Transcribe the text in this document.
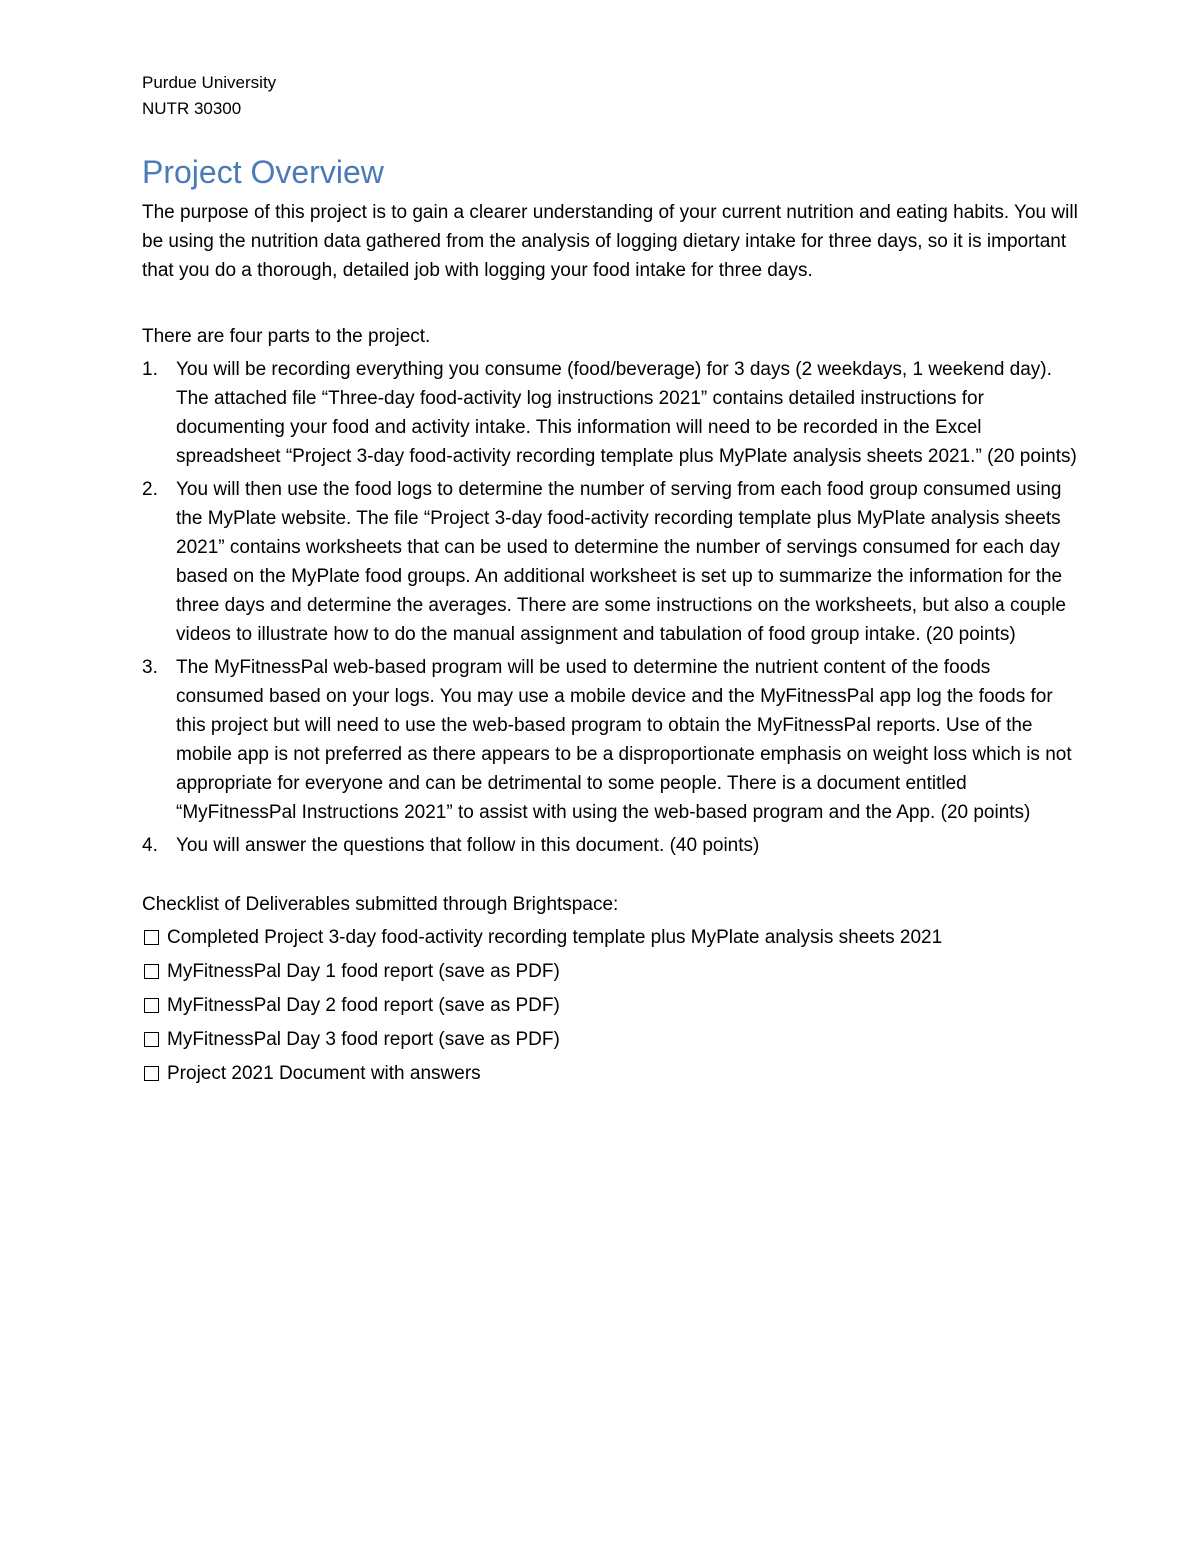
Purdue University

NUTR 30300

Project Overview

The purpose of this project is to gain a clearer understanding of your current nutrition and eating habits. You will be using the nutrition data gathered from the analysis of logging dietary intake for three days, so it is important that you do a thorough, detailed job with logging your food intake for three days.

There are four parts to the project.

1. You will be recording everything you consume (food/beverage) for 3 days (2 weekdays, 1 weekend day). The attached file “Three-day food-activity log instructions 2021” contains detailed instructions for documenting your food and activity intake. This information will need to be recorded in the Excel spreadsheet “Project 3-day food-activity recording template plus MyPlate analysis sheets 2021.” (20 points)
2. You will then use the food logs to determine the number of serving from each food group consumed using the MyPlate website. The file “Project 3-day food-activity recording template plus MyPlate analysis sheets 2021” contains worksheets that can be used to determine the number of servings consumed for each day based on the MyPlate food groups. An additional worksheet is set up to summarize the information for the three days and determine the averages. There are some instructions on the worksheets, but also a couple videos to illustrate how to do the manual assignment and tabulation of food group intake. (20 points)
3. The MyFitnessPal web-based program will be used to determine the nutrient content of the foods consumed based on your logs. You may use a mobile device and the MyFitnessPal app log the foods for this project but will need to use the web-based program to obtain the MyFitnessPal reports. Use of the mobile app is not preferred as there appears to be a disproportionate emphasis on weight loss which is not appropriate for everyone and can be detrimental to some people. There is a document entitled “MyFitnessPal Instructions 2021” to assist with using the web-based program and the App. (20 points)
4. You will answer the questions that follow in this document. (40 points)

Checklist of Deliverables submitted through Brightspace:

Completed Project 3-day food-activity recording template plus MyPlate analysis sheets 2021
MyFitnessPal Day 1 food report (save as PDF)
MyFitnessPal Day 2 food report (save as PDF)
MyFitnessPal Day 3 food report (save as PDF)
Project 2021 Document with answers
